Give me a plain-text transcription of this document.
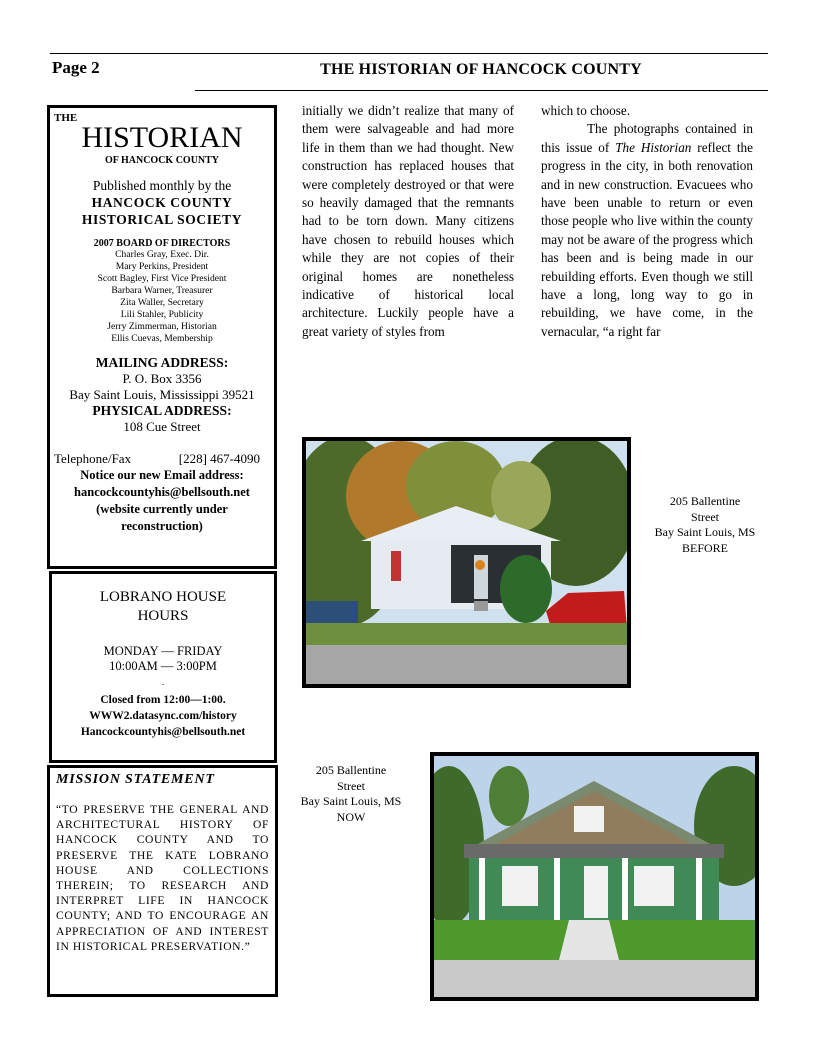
Page 2	THE HISTORIAN OF HANCOCK COUNTY
THE
HISTORIAN
OF HANCOCK COUNTY
Published monthly by the
HANCOCK COUNTY
HISTORICAL SOCIETY
2007 BOARD OF DIRECTORS
Charles Gray, Exec. Dir.
Mary Perkins, President
Scott Bagley, First Vice President
Barbara Warner, Treasurer
Zita Waller, Secretary
Lili Stahler, Publicity
Jerry Zimmerman, Historian
Ellis Cuevas, Membership
MAILING ADDRESS:
P. O. Box 3356
Bay Saint Louis, Mississippi 39521
PHYSICAL ADDRESS:
108 Cue Street
Telephone/Fax	[228] 467-4090
Notice our new Email address:
hancockcountyhis@bellsouth.net
(website currently under reconstruction)
LOBRANO HOUSE
HOURS
MONDAY — FRIDAY
10:00AM — 3:00PM
.
Closed from 12:00—1:00.
WWW2.datasync.com/history
Hancockcountyhis@bellsouth.net
MISSION STATEMENT
“TO PRESERVE THE GENERAL AND ARCHITECTURAL HISTORY OF HANCOCK COUNTY AND TO PRESERVE THE KATE LOBRANO HOUSE AND COLLECTIONS THEREIN; TO RESEARCH AND INTERPRET LIFE IN HANCOCK COUNTY; AND TO ENCOURAGE AN APPRECIATION OF AND INTEREST IN HISTORICAL PRESERVATION.”

initially we didn’t realize that many of them were salvageable and had more life in them than we had thought. New construction has replaced houses that were completely destroyed or that were so heavily damaged that the remnants had to be torn down. Many citizens have chosen to rebuild houses which while they are not copies of their original homes are nonetheless indicative of historical local architecture. Luckily people have a great variety of styles from

which to choose.

The photographs contained in this issue of The Historian reflect the progress in the city, in both renovation and in new construction. Evacuees who have been unable to return or even those people who live within the county may not be aware of the progress which has been and is being made in our rebuilding efforts. Even though we still have a long, long way to go in rebuilding, we have come, in the vernacular, “a right far

205 Ballentine
Street
Bay Saint Louis, MS
BEFORE
205 Ballentine
Street
Bay Saint Louis, MS
NOW
